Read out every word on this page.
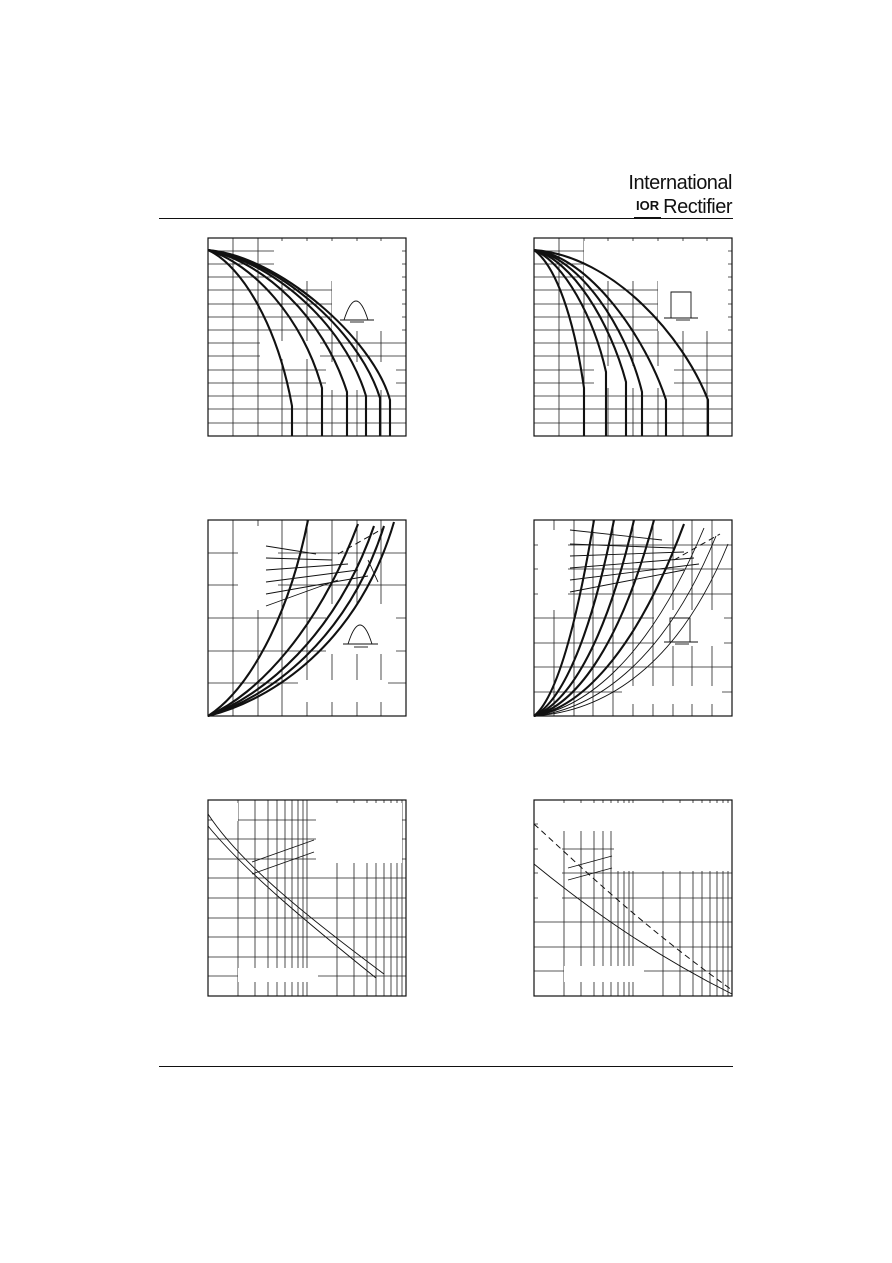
International
IOR Rectifier
